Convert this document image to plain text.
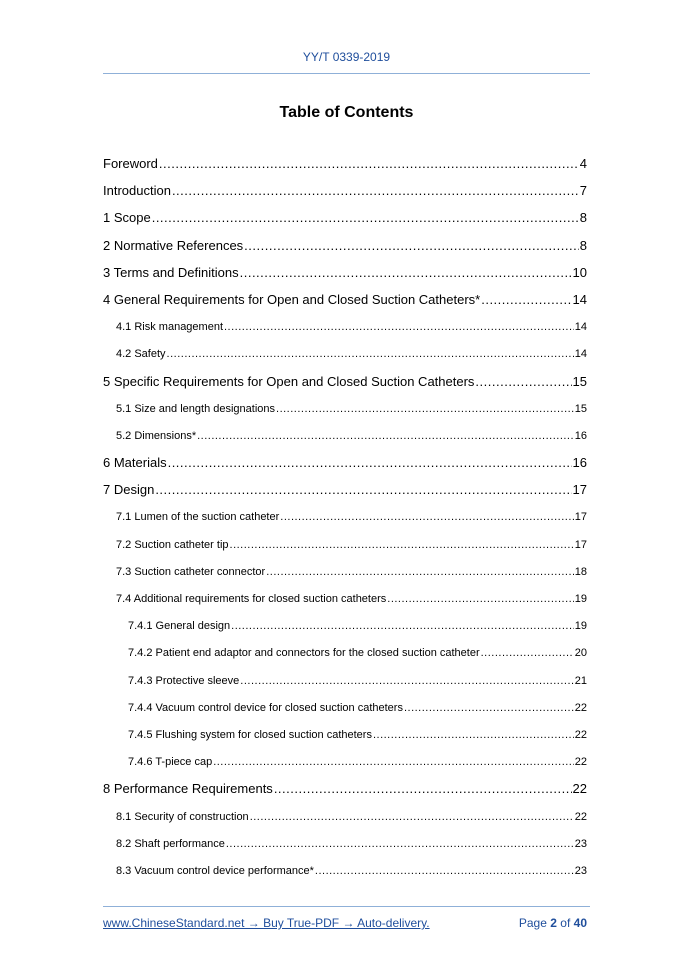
YY/T 0339-2019
Table of Contents
Foreword .....	4
Introduction .....	7
1 Scope .....	8
2 Normative References .....	8
3 Terms and Definitions .....	10
4 General Requirements for Open and Closed Suction Catheters* .....	14
4.1 Risk management .....	14
4.2 Safety .....	14
5 Specific Requirements for Open and Closed Suction Catheters .....	15
5.1 Size and length designations .....	15
5.2 Dimensions* .....	16
6 Materials .....	16
7 Design .....	17
7.1 Lumen of the suction catheter .....	17
7.2 Suction catheter tip .....	17
7.3 Suction catheter connector .....	18
7.4 Additional requirements for closed suction catheters .....	19
7.4.1 General design .....	19
7.4.2 Patient end adaptor and connectors for the closed suction catheter .....	20
7.4.3 Protective sleeve .....	21
7.4.4 Vacuum control device for closed suction catheters .....	22
7.4.5 Flushing system for closed suction catheters .....	22
7.4.6 T-piece cap .....	22
8 Performance Requirements .....	22
8.1 Security of construction .....	22
8.2 Shaft performance .....	23
8.3 Vacuum control device performance* .....	23
www.ChineseStandard.net → Buy True-PDF → Auto-delivery.	Page 2 of 40
